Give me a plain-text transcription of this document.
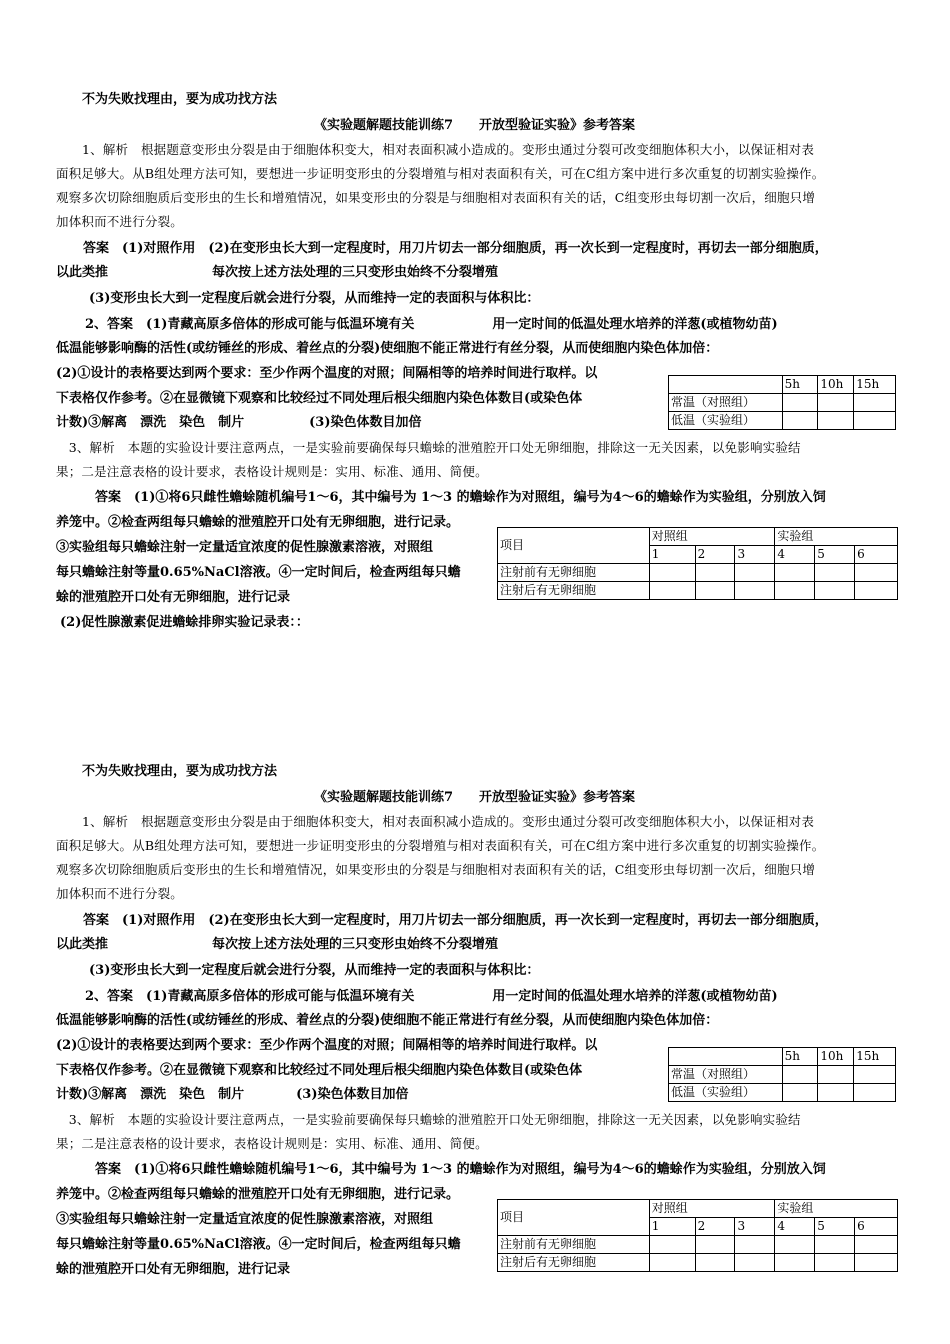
不为失败找理由，要为成功找方法
《实验题解题技能训练7　　开放型验证实验》参考答案
1、解析　根据题意变形虫分裂是由于细胞体积变大，相对表面积减小造成的。变形虫通过分裂可改变细胞体积大小，以保证相对表
面积足够大。从B组处理方法可知，要想进一步证明变形虫的分裂增殖与相对表面积有关，可在C组方案中进行多次重复的切割实验操作。
观察多次切除细胞质后变形虫的生长和增殖情况，如果变形虫的分裂是与细胞相对表面积有关的话，C组变形虫每切割一次后，细胞只增
加体积而不进行分裂。
　答案　(1)对照作用　(2)在变形虫长大到一定程度时，用刀片切去一部分细胞质，再一次长到一定程度时，再切去一部分细胞质，
以此类推　　　　　　　　每次按上述方法处理的三只变形虫始终不分裂增殖
　(3)变形虫长大到一定程度后就会进行分裂，从而维持一定的表面积与体积比：
　2、答案　(1)青藏高原多倍体的形成可能与低温环境有关　　　　　　用一定时间的低温处理水培养的洋葱(或植物幼苗)
低温能够影响酶的活性(或纺锤丝的形成、着丝点的分裂)使细胞不能正常进行有丝分裂，从而使细胞内染色体加倍：
(2)①设计的表格要达到两个要求：至少作两个温度的对照；间隔相等的培养时间进行取样。以
下表格仅作参考。②在显微镜下观察和比较经过不同处理后根尖细胞内染色体数目(或染色体
计数)③解离　漂洗　染色　制片　　　　　(3)染色体数目加倍
	5h	10h	15h
常温（对照组）			
低温（实验组）			
　3、解析　本题的实验设计要注意两点，一是实验前要确保每只蟾蜍的泄殖腔开口处无卵细胞，排除这一无关因素，以免影响实验结
果；二是注意表格的设计要求，表格设计规则是：实用、标准、通用、简便。
　　　答案　(1)①将6只雌性蟾蜍随机编号1～6，其中编号为 1～3 的蟾蜍作为对照组，编号为4～6的蟾蜍作为实验组，分别放入饲
养笼中。②检查两组每只蟾蜍的泄殖腔开口处有无卵细胞，进行记录。
③实验组每只蟾蜍注射一定量适宜浓度的促性腺激素溶液，对照组
每只蟾蜍注射等量0.65%NaCl溶液。④一定时间后，检查两组每只蟾
蜍的泄殖腔开口处有无卵细胞，进行记录
(2)促性腺激素促进蟾蜍排卵实验记录表：：
项目	对照组			实验组		
	1	2	3	4	5	6
注射前有无卵细胞						
注射后有无卵细胞						
不为失败找理由，要为成功找方法
《实验题解题技能训练7　　开放型验证实验》参考答案
1、解析　根据题意变形虫分裂是由于细胞体积变大，相对表面积减小造成的。变形虫通过分裂可改变细胞体积大小，以保证相对表
面积足够大。从B组处理方法可知，要想进一步证明变形虫的分裂增殖与相对表面积有关，可在C组方案中进行多次重复的切割实验操作。
观察多次切除细胞质后变形虫的生长和增殖情况，如果变形虫的分裂是与细胞相对表面积有关的话，C组变形虫每切割一次后，细胞只增
加体积而不进行分裂。
　答案　(1)对照作用　(2)在变形虫长大到一定程度时，用刀片切去一部分细胞质，再一次长到一定程度时，再切去一部分细胞质，
以此类推　　　　　　　　每次按上述方法处理的三只变形虫始终不分裂增殖
　(3)变形虫长大到一定程度后就会进行分裂，从而维持一定的表面积与体积比：
　2、答案　(1)青藏高原多倍体的形成可能与低温环境有关　　　　　　用一定时间的低温处理水培养的洋葱(或植物幼苗)
低温能够影响酶的活性(或纺锤丝的形成、着丝点的分裂)使细胞不能正常进行有丝分裂，从而使细胞内染色体加倍：
(2)①设计的表格要达到两个要求：至少作两个温度的对照；间隔相等的培养时间进行取样。以
下表格仅作参考。②在显微镜下观察和比较经过不同处理后根尖细胞内染色体数目(或染色体
计数)③解离　漂洗　染色　制片　　　　(3)染色体数目加倍
	5h	10h	15h
常温（对照组）			
低温（实验组）			
　3、解析　本题的实验设计要注意两点，一是实验前要确保每只蟾蜍的泄殖腔开口处无卵细胞，排除这一无关因素，以免影响实验结
果；二是注意表格的设计要求，表格设计规则是：实用、标准、通用、简便。
　　　答案　(1)①将6只雌性蟾蜍随机编号1～6，其中编号为 1～3 的蟾蜍作为对照组，编号为4～6的蟾蜍作为实验组，分别放入饲
养笼中。②检查两组每只蟾蜍的泄殖腔开口处有无卵细胞，进行记录。
③实验组每只蟾蜍注射一定量适宜浓度的促性腺激素溶液，对照组
每只蟾蜍注射等量0.65%NaCl溶液。④一定时间后，检查两组每只蟾
蜍的泄殖腔开口处有无卵细胞，进行记录
项目	对照组			实验组		
	1	2	3	4	5	6
注射前有无卵细胞						
注射后有无卵细胞						
